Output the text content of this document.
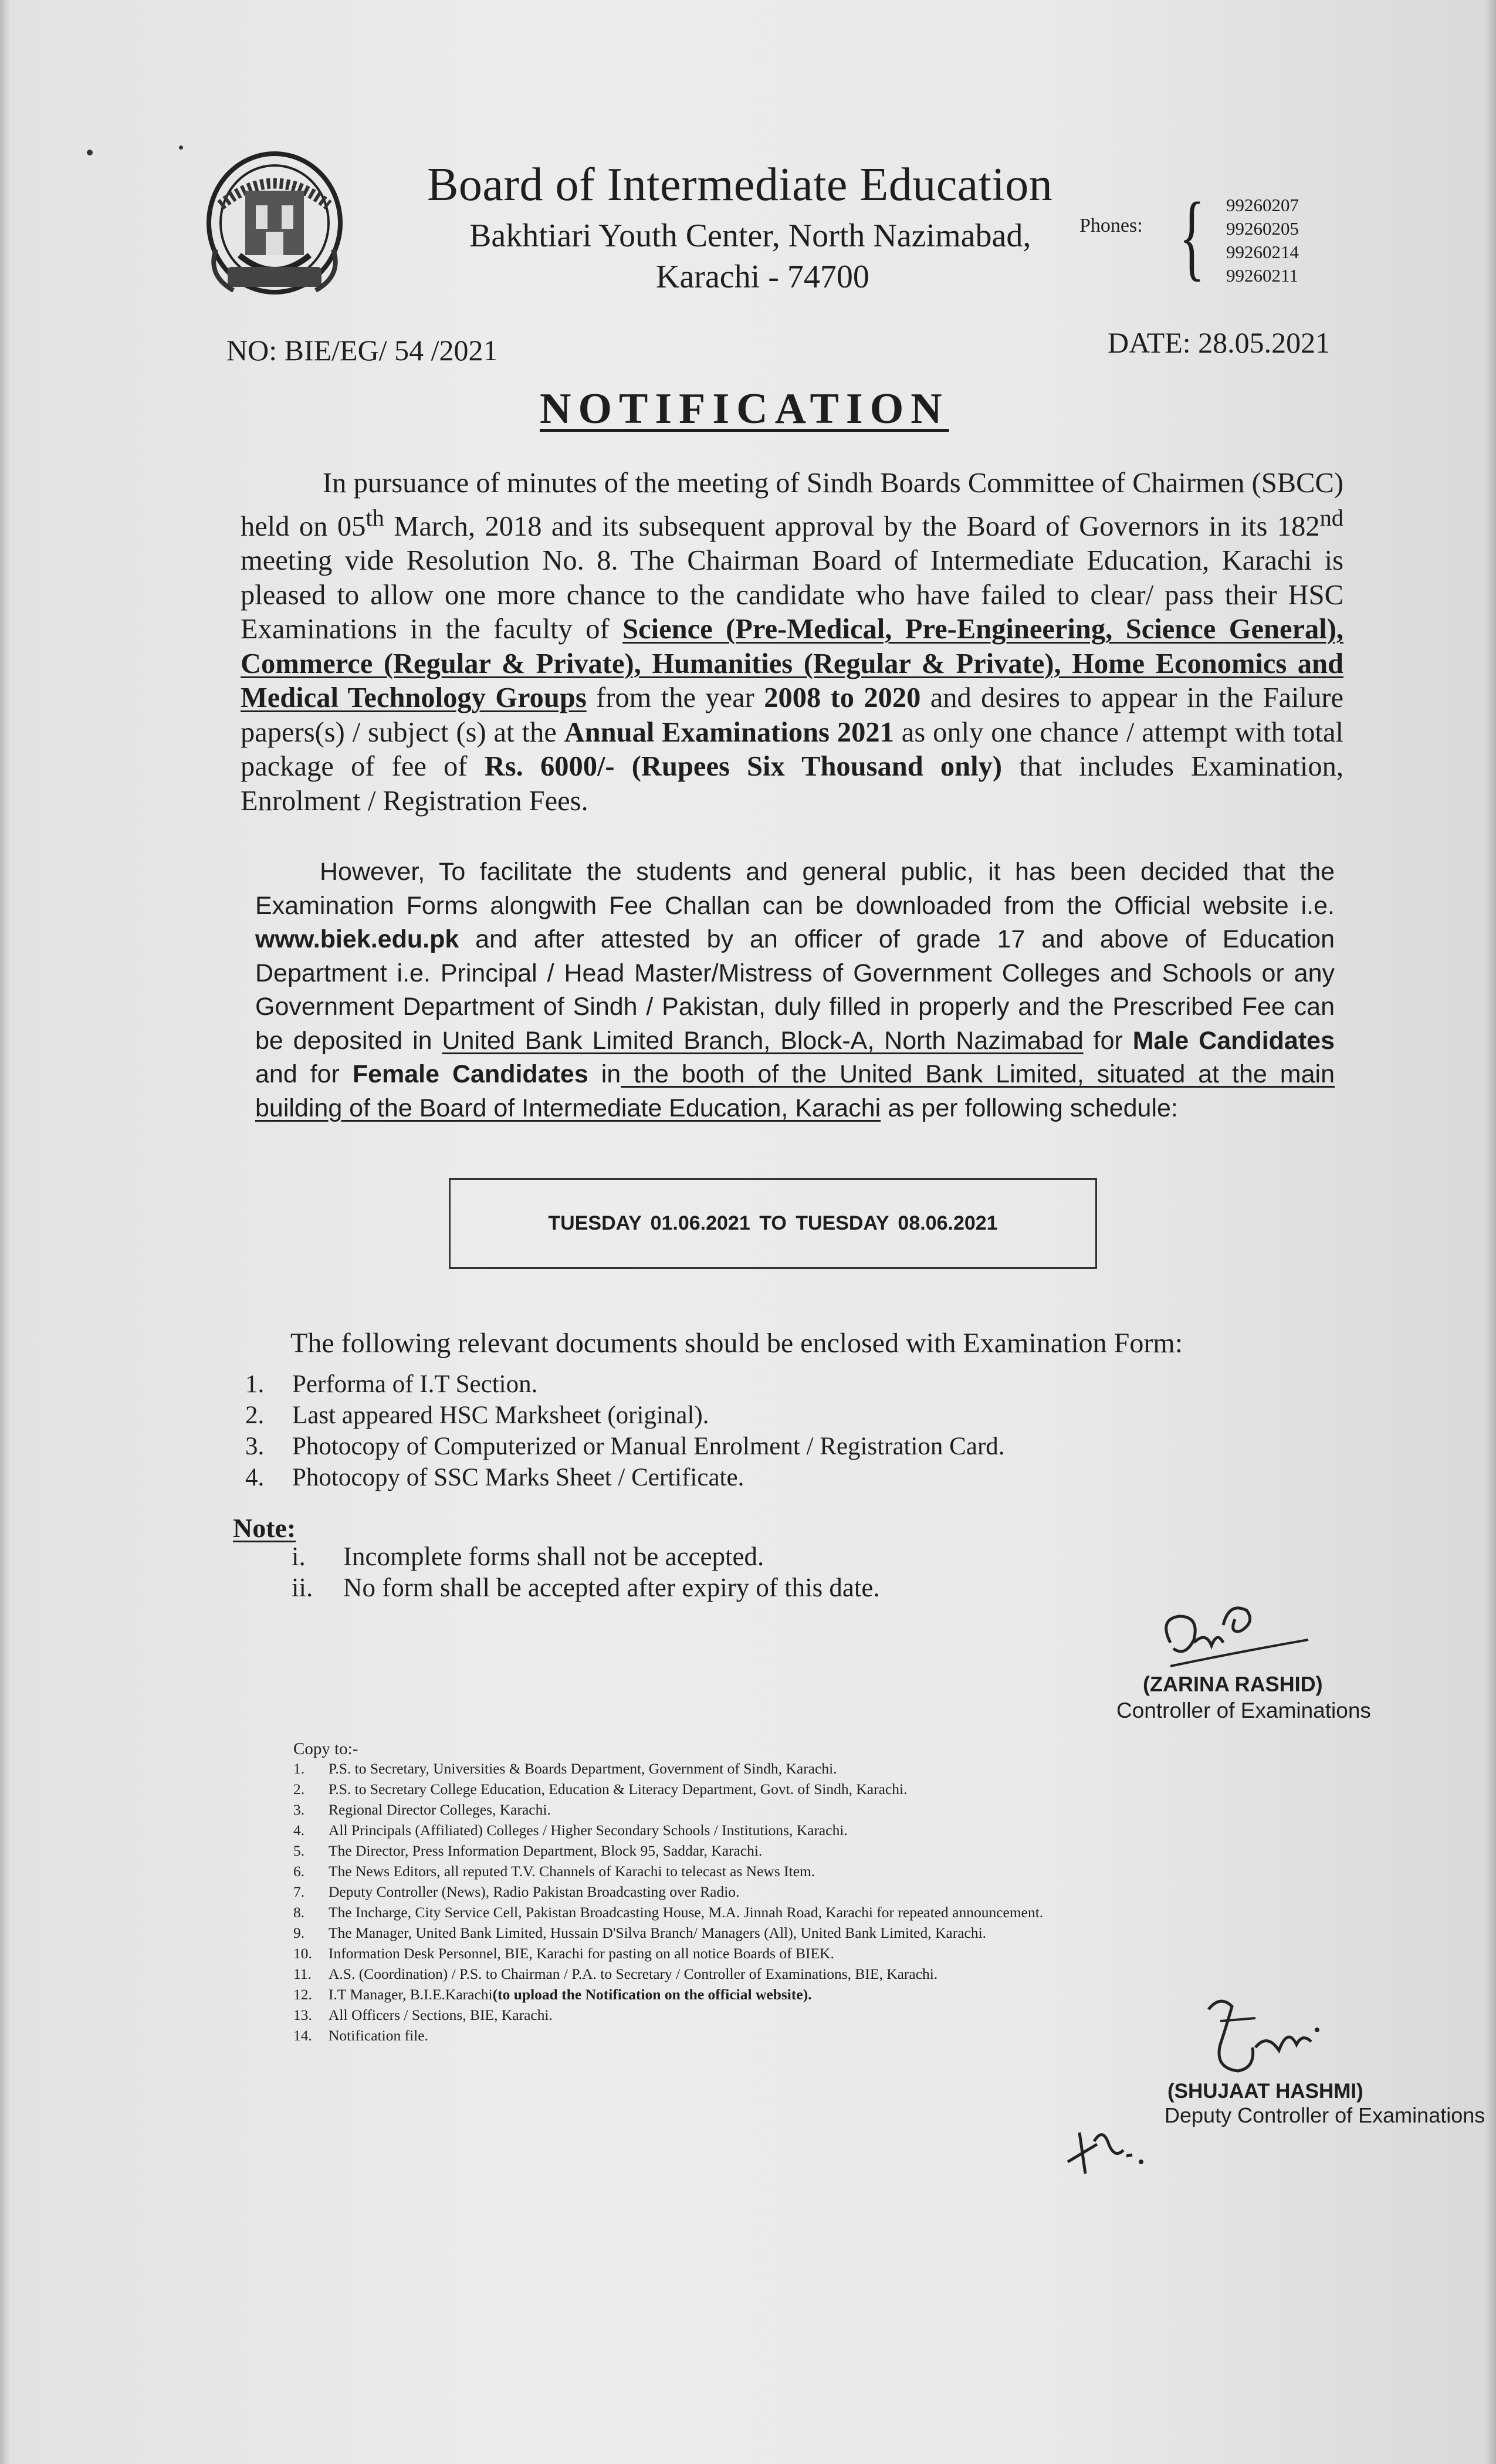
Board of Intermediate Education
Bakhtiari Youth Center, North Nazimabad,
Karachi - 74700
Phones: { 99260207
99260205
99260214
99260211
NO: BIE/EG/ 54 /2021	DATE: 28.05.2021
NOTIFICATION

In pursuance of minutes of the meeting of Sindh Boards Committee of Chairmen (SBCC) held on 05th March, 2018 and its subsequent approval by the Board of Governors in its 182nd meeting vide Resolution No. 8. The Chairman Board of Intermediate Education, Karachi is pleased to allow one more chance to the candidate who have failed to clear/ pass their HSC Examinations in the faculty of Science (Pre-Medical, Pre-Engineering, Science General), Commerce (Regular & Private), Humanities (Regular & Private), Home Economics and Medical Technology Groups from the year 2008 to 2020 and desires to appear in the Failure papers(s) / subject (s) at the Annual Examinations 2021 as only one chance / attempt with total package of fee of Rs. 6000/- (Rupees Six Thousand only) that includes Examination, Enrolment / Registration Fees.

However, To facilitate the students and general public, it has been decided that the Examination Forms alongwith Fee Challan can be downloaded from the Official website i.e. www.biek.edu.pk and after attested by an officer of grade 17 and above of Education Department i.e. Principal / Head Master/Mistress of Government Colleges and Schools or any Government Department of Sindh / Pakistan, duly filled in properly and the Prescribed Fee can be deposited in United Bank Limited Branch, Block-A, North Nazimabad for Male Candidates and for Female Candidates in the booth of the United Bank Limited, situated at the main building of the Board of Intermediate Education, Karachi as per following schedule:

TUESDAY 01.06.2021 TO TUESDAY 08.06.2021
The following relevant documents should be enclosed with Examination Form:
1.	Performa of I.T Section.
2.	Last appeared HSC Marksheet (original).
3.	Photocopy of Computerized or Manual Enrolment / Registration Card.
4.	Photocopy of SSC Marks Sheet / Certificate.
Note:
i.	Incomplete forms shall not be accepted.
ii.	No form shall be accepted after expiry of this date.
(ZARINA RASHID)
Controller of Examinations
Copy to:-
1.	P.S. to Secretary, Universities & Boards Department, Government of Sindh, Karachi.
2.	P.S. to Secretary College Education, Education & Literacy Department, Govt. of Sindh, Karachi.
3.	Regional Director Colleges, Karachi.
4.	All Principals (Affiliated) Colleges / Higher Secondary Schools / Institutions, Karachi.
5.	The Director, Press Information Department, Block 95, Saddar, Karachi.
6.	The News Editors, all reputed T.V. Channels of Karachi to telecast as News Item.
7.	Deputy Controller (News), Radio Pakistan Broadcasting over Radio.
8.	The Incharge, City Service Cell, Pakistan Broadcasting House, M.A. Jinnah Road, Karachi for repeated announcement.
9.	The Manager, United Bank Limited, Hussain D'Silva Branch/ Managers (All), United Bank Limited, Karachi.
10.	Information Desk Personnel, BIE, Karachi for pasting on all notice Boards of BIEK.
11.	A.S. (Coordination) / P.S. to Chairman / P.A. to Secretary / Controller of Examinations, BIE, Karachi.
12.	I.T Manager, B.I.E.Karachi (to upload the Notification on the official website).
13.	All Officers / Sections, BIE, Karachi.
14.	Notification file.
(SHUJAAT HASHMI)
Deputy Controller of Examinations
